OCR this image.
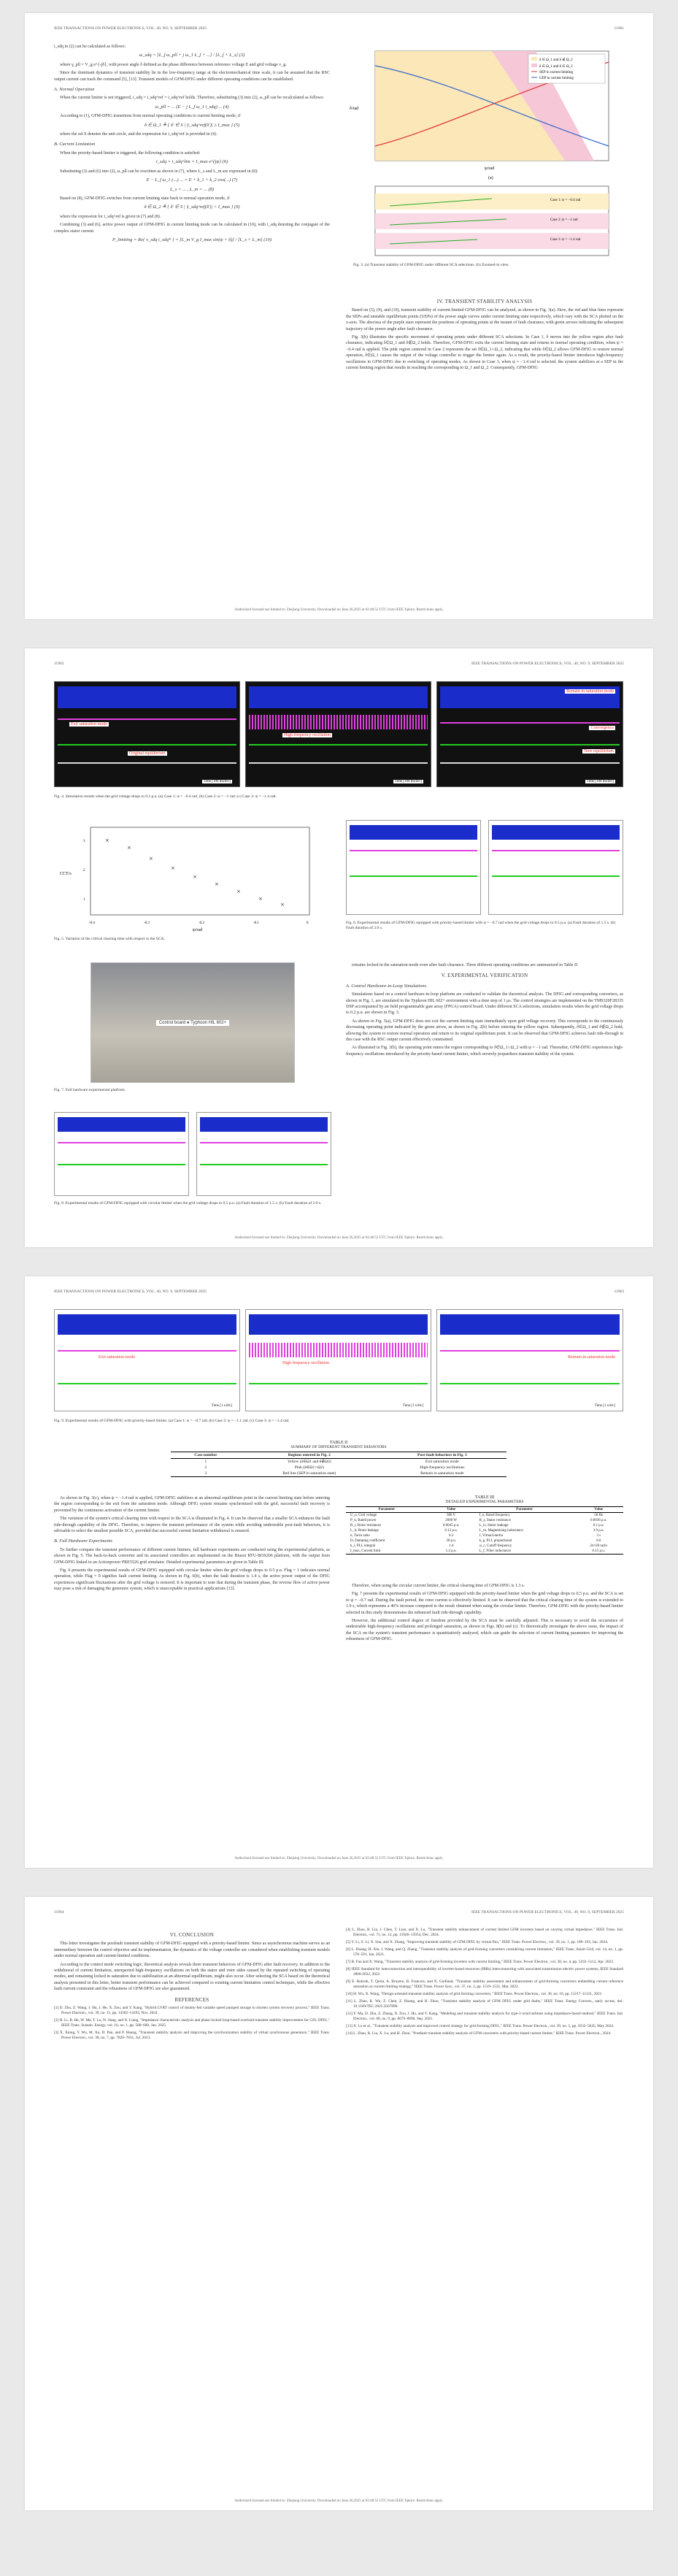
IEEE TRANSACTIONS ON POWER ELECTRONICS, VOL. 40, NO. 9, SEPTEMBER 2025	11961

i_sdq in (2) can be calculated as follows:

ω_sdq = [L_f ω_pll + j ω_1 L_f + ...] / [L_f + L_s] (3)

where γ_pll = V_g e^{-jδ}, with power angle δ defined as the phase difference between reference voltage E and grid voltage v_g.

Since the dominant dynamics of transient stability lie in the low-frequency range at the electromechanical time scale, it can be assumed that the RSC output current can track the command [5], [13]. Transient models of GFM-DFIG under different operating conditions can be established.

A. Normal Operation

When the current limiter is not triggered, i_sdq = i_sdq^ref = i_sdq^ref holds. Therefore, substituting (3) into (2), ω_pll can be recalculated as follows:

ω_pll = ... (E − j L_f ω_1 i_sdq) ... (4)

According to (1), GFM-DFIG transitions from normal operating conditions to current limiting mode, if

δ ∈ Ω_1 ≜ { δ' ∈ S | |i_sdq^ref(δ')| ≥ I_max } (5)

where the set S denotes the unit circle, and the expression for i_sdq^ref is provided in (4).

B. Current Limitation

When the priority-based limiter is triggered, the following condition is satisfied:

i_sdq = i_sdq^lim = I_max e^{jψ} (6)

Substituting (3) and (6) into (2), ω_pll can be rewritten as shown in (7), where L_s and L_m are expressed in (8):

E − L_f ω_1 (...) ... = E + k_1 + k_2 cos(...) (7)
L_s = ... , L_m = ... (8)

Based on (8), GFM-DFIG switches from current limiting state back to normal operation mode, if

δ ∈ Ω_2 ≜ { δ' ∈ S | |i_sdq^ref(δ')| < I_max } (9)

where the expression for i_sdq^ref is given in (7) and (8).

Combining (3) and (6), active power output of GFM-DFIG in current limiting mode can be calculated in (10), with i_sdq denoting the conjugate of the complex stator current.

P_limiting = Re{ v_sdq i_sdq* } = [L_m V_g I_max sin(ψ + δ)] / [L_s + L_m] (10)
δ ∈ Ω_1 and δ ∉ Ω_2
δ ∈ Ω_1 and δ ∈ Ω_2
SEP in current limiting
UEP in current limiting
δ/rad
ψ/rad
(a)
Case 1: ψ = −0.4 rad
Case 2: ψ = −1 rad
Case 3: ψ = −1.4 rad
Fig. 3. (a) Transient stability of GFM-DFIG under different SCA selections. (b) Zoomed-in view.
IV. TRANSIENT STABILITY ANALYSIS

Based on (5), (9), and (10), transient stability of current-limited GFM-DFIG can be analyzed, as shown in Fig. 3(a). Here, the red and blue lines represent the SEPs and unstable equilibrium points (UEPs) of the power angle curves under current limiting state respectively, which vary with the SCA plotted on the x-axis. The abscissa of the purple stars represent the positions of operating points at the instant of fault clearance, with green arrows indicating the subsequent trajectory of the power angle after fault clearance.

Fig. 3(b) illustrates the specific movement of operating points under different SCA selections. In Case 1, δ moves into the yellow region after fault clearance, indicating δ∈Ω_1 and δ∉Ω_2 holds. Therefore, GFM-DFIG exits the current limiting state and returns to normal operating condition, when ψ = −0.4 rad is applied. The pink region centered in Case 2 represents the set δ∈Ω_1∩Ω_2, indicating that while δ∈Ω_2 allows GFM-DFIG to restore normal operation, δ∈Ω_1 causes the output of the voltage controller to trigger the limiter again. As a result, the priority-based limiter introduces high-frequency oscillations in GFM-DFIG due to switching of operating modes. As shown in Case 3, when ψ = −1.4 rad is selected, the system stabilizes at a SEP in the current limiting region that results in reaching the corresponding to Ω_1 and Ω_2. Consequently, GFM-DFIG

Authorized licensed use limited to: Zhejiang University. Downloaded on June 26,2025 at 02:48:52 UTC from IEEE Xplore. Restrictions apply.
11962	IEEE TRANSACTIONS ON POWER ELECTRONICS, VOL. 40, NO. 9, SEPTEMBER 2025
Exit saturation mode
Original equilibrium
Time [100 ms/div]
High frequency oscillation
Time [100 ms/div]
Remain in saturation mode
Convergence
New equilibrium
Time [100 ms/div]
Fig. 4. Simulation results when the grid voltage drops to 0.2 p.u. (a) Case 1: ψ = −0.4 rad. (b) Case 2: ψ = −1 rad. (c) Case 3: ψ = −1.4 rad.
CCT/s
ψ/rad
-0.4	-0.3	-0.2	-0.1	0
3
2
1
×
×
×
×
×
×
×
×
×
Fig. 5. Variation of the critical clearing time with respect to the SCA.
Fig. 6. Experimental results of GFM-DFIG equipped with priority-based limiter with ψ = −0.7 rad when the grid voltage drops to 0.5 p.u. (a) Fault duration of 1.5 s. (b) Fault duration of 2.0 s.
Control board ● Typhoon HIL 602+
Fig. 7. Full hardware experimental platform.
Fig. 8. Experimental results of GFM-DFIG equipped with circular limiter when the grid voltage drops to 0.5 p.u. (a) Fault duration of 1.5 s. (b) Fault duration of 2.0 s.

remains locked in the saturation mode even after fault clearance. Three different operating conditions are summarized in Table II.

V. EXPERIMENTAL VERIFICATION
A. Control Hardware-in-Loop Simulations

Simulations based on a control hardware-in-loop platform are conducted to validate the theoretical analysis. The DFIG and corresponding converters, as shown in Fig. 1, are simulated in the Typhoon HIL 602+ environment with a time step of 1 μs. The control strategies are implemented on the TMS320F28335 DSP accompanied by an field programmable gate array (FPGA) control board. Under different SCA selections, simulation results when the grid voltage drops to 0.2 p.u. are shown in Fig. 3.

As shown in Fig. 3(a), GFM-DFIG does not exit the current limiting state immediately upon grid voltage recovery. This corresponds to the continuously decreasing operating point indicated by the green arrow, as shown in Fig. 2(b) before entering the yellow region. Subsequently, δ∈Ω_1 and δ∉Ω_2 hold, allowing the system to restore normal operation and return to its original equilibrium point. It can be observed that GFM-DFIG achieves fault ride-through in this case with the RSC output current effectively constrained.

As illustrated in Fig. 3(b), the operating point enters the region corresponding to δ∈Ω_1∩Ω_2 with ψ = −1 rad. Thereafter, GFM-DFIG experiences high-frequency oscillations introduced by the priority-based current limiter, which severely jeopardizes transient stability of the system.

Authorized licensed use limited to: Zhejiang University. Downloaded on June 26,2025 at 02:48:52 UTC from IEEE Xplore. Restrictions apply.
IEEE TRANSACTIONS ON POWER ELECTRONICS, VOL. 40, NO. 9, SEPTEMBER 2025	11963
Exit saturation mode
Time [1 s/div]
High frequency oscillation
Time [1 s/div]
Remain in saturation mode
Time [1 s/div]
Fig. 9. Experimental results of GFM-DFIG with priority-based limiter. (a) Case 1: ψ = −0.7 rad. (b) Case 2: ψ = −1.1 rad. (c) Case 3: ψ = −1.4 rad.
TABLE II
SUMMARY OF DIFFERENT TRANSIENT BEHAVIORS
Case number	Regions entered in Fig. 2	Post-fault behaviors in Fig. 3
1	Yellow (δ∈Ω1 and δ∉Ω2)	Exit saturation mode
2	Pink (δ∈Ω1∩Ω2)	High-frequency oscillations
3	Red line (SEP in saturation state)	Remain in saturation mode

As shown in Fig. 3(c), when ψ = −1.4 rad is applied, GFM-DFIG stabilizes at an abnormal equilibrium point in the current limiting state before entering the region corresponding to the exit from the saturation mode. Although DFIG system remains synchronized with the grid, successful fault recovery is prevented by the continuous activation of the current limiter.

The variation of the system's critical clearing time with respect to the SCA is illustrated in Fig. 4. It can be observed that a smaller SCA enhances the fault ride-through capability of the DFIG. Therefore, to improve the transient performance of the system while avoiding undesirable post-fault behaviors, it is advisable to select the smallest possible SCA, provided that successful current limitation withdrawal is ensured.

B. Full Hardware Experiments

To further compare the transient performance of different current limiters, full hardware experiments are conducted using the experimental platform, as shown in Fig. 5. The back-to-back converter and its associated controllers are implemented on the Biaozi RTU-BOS206 platform, with the output from GFM-DFIG linked to an Actionpower PRE5526 grid simulator. Detailed experimental parameters are given in Table III.

Fig. 6 presents the experimental results of GFM-DFIG equipped with circular limiter when the grid voltage drops to 0.5 p.u. Flag = 1 indicates normal operation, while Flag = 0 signifies fault current limiting. As shown in Fig. 6(b), when the fault duration is 1.4 s, the active power output of the DFIG experiences significant fluctuations after the grid voltage is restored. It is important to note that during the transient phase, the reverse flow of active power may pose a risk of damaging the generator system, which is unacceptable in practical applications [13].

TABLE III
DETAILED EXPERIMENTAL PARAMETERS
Parameter	Value	Parameter	Value
U_n, Grid voltage	380 V	f_n, Rated frequency	50 Hz
P_n, Rated power	2000 W	R_s, Stator resistance	0.0036 p.u.
R_r, Rotor resistance	0.0045 p.u.	L_ls, Stator leakage	0.1 p.u.
L_lr, Rotor leakage	0.12 p.u.	L_m, Magnetizing inductance	3.9 p.u.
n, Turns ratio	0.3	J, Virtual inertia	3 s
D, Damping coefficient	30 p.u.	k_p, PLL proportional	0.6
k_i, PLL integral	1.4	ω_c, Cutoff frequency	2π×20 rad/s
I_max, Current limit	1.2 p.u.	L_f, Filter inductance	0.15 p.u.

Therefore, when using the circular current limiter, the critical clearing time of GFM-DFIG is 1.3 s.

Fig. 7 presents the experimental results of GFM-DFIG equipped with the priority-based limiter when the grid voltage drops to 0.5 p.u. and the SCA is set to ψ = −0.7 rad. During the fault period, the rotor current is effectively limited. It can be observed that the critical clearing time of the system is extended to 1.9 s, which represents a 46% increase compared to the result obtained when using the circular limiter. Therefore, GFM-DFIG with the priority-based limiter selected in this study demonstrates the enhanced fault ride-through capability.

However, the additional control degree of freedom provided by the SCA must be carefully adjusted. This is necessary to avoid the occurrence of undesirable high-frequency oscillations and prolonged saturation, as shown in Figs. 8(b) and (c). To theoretically investigate the above issue, the impact of the SCA on the system's transient performance is quantitatively analyzed, which can guide the selection of current limiting parameters for improving the robustness of GFM-DFIG.

Authorized licensed use limited to: Zhejiang University. Downloaded on June 26,2025 at 02:48:52 UTC from IEEE Xplore. Restrictions apply.
11964	IEEE TRANSACTIONS ON POWER ELECTRONICS, VOL. 40, NO. 9, SEPTEMBER 2025
VI. CONCLUSION

This letter investigates the postfault transient stability of GFM-DFIG equipped with a priority-based limiter. Since as asynchronous machine serves as an intermediary between the control objective and its implementation, the dynamics of the voltage controller are considered when establishing transient models under normal operation and current-limited conditions.

According to the control mode switching logic, theoretical analysis reveals three transient behaviors of GFM-DFIG after fault recovery. In addition to the withdrawal of current limitation, unexpected high-frequency oscillations on both the stator and rotor sides caused by the repeated switching of operating modes, and remaining locked in saturation due to stabilization at an abnormal equilibrium, might also occur. After selecting the SCA based on the theoretical analysis presented in this letter, better transient performance can be achieved compared to existing current limitation control techniques, while the effective fault current constraint and the robustness of GFM-DFIG are also guaranteed.

REFERENCES
[1] D. Zhu, Z. Wang, J. Hu, J. He, X. Zou, and Y. Kang, "Hybrid LVRT control of doubly-fed variable speed pumped storage to shorten system recovery process," IEEE Trans. Power Electron., vol. 39, no. 11, pp. 14182–14193, Nov. 2024.
[2] H. Li, B. He, W. Ma, T. Lu, N. Jiang, and X. Liang, "Impedance characteristic analysis and phase-locked loop-based overload transient stability improvement for GFL-DFIG," IEEE Trans. Sustain. Energy, vol. 16, no. 1, pp. 588–600, Jan. 2025.
[3] X. Xiong, Y. Wu, M. Xu, D. Pan, and P. Huang, "Transient stability analysis and improving the synchronization stability of virtual synchronous generators," IEEE Trans. Power Electron., vol. 38, no. 7, pp. 7820–7831, Jul. 2023.
[4] L. Zhao, R. Liu, J. Chen, T. Liao, and X. Lu, "Transient stability enhancement of current limited GFM inverters based on varying virtual impedance," IEEE Trans. Ind. Electron., vol. 71, no. 12, pp. 15946–15954, Dec. 2024.
[5] Y. Li, Z. Li, X. Sun, and X. Zhang, "Improving transient stability of GFM DFIG by virtual flux," IEEE Trans. Power Electron., vol. 39, no. 1, pp. 180–193, Jan. 2024.
[6] L. Huang, H. Xin, J. Wang, and Q. Zhang, "Transient stability analysis of grid-forming converters considering current limitation," IEEE Trans. Smart Grid, vol. 14, no. 1, pp. 578–591, Jan. 2023.
[7] B. Fan and X. Wang, "Transient stability analysis of grid-forming inverters with current limiting," IEEE Trans. Power Electron., vol. 38, no. 4, pp. 5102–5112, Apr. 2023.
[8] IEEE Standard for interconnection and interoperability of inverter-based resources (IBRs) interconnecting with associated transmission electric power systems, IEEE Standard 2800-2022, 2022.
[9] E. Rokrok, T. Qoria, A. Bruyere, B. Francois, and X. Guillaud, "Transient stability assessment and enhancement of grid-forming converters embedding current reference saturation as current limiting strategy," IEEE Trans. Power Syst., vol. 37, no. 2, pp. 1519–1531, Mar. 2022.
[10] H. Wu, X. Wang, "Design-oriented transient stability analysis of grid-forming converters," IEEE Trans. Power Electron., vol. 36, no. 10, pp. 11217–11231, 2021.
[11] L. Zhao, K. Wu, Z. Chen, Z. Huang, and H. Zhou, "Transient stability analysis of GFM DFIG under grid faults," IEEE Trans. Energy Convers., early access, doi: 10.1109/TEC.2025.3567890.
[12] Y. Ma, D. Zhu, Z. Zhang, X. Zou, J. Hu, and Y. Kang, "Modeling and transient stability analysis for type-3 wind turbines using impedance-based method," IEEE Trans. Ind. Electron., vol. 68, no. 9, pp. 8679–8690, Sep. 2021.
[13] X. Lu et al., "Transient stability analysis and improved control strategy for grid-forming DFIG," IEEE Trans. Power Electron., vol. 39, no. 5, pp. 5632–5645, May 2024.
[14] L. Zhao, R. Liu, X. Lu, and H. Zhou, "Postfault transient stability analysis of GFM converters with priority-based current limiter," IEEE Trans. Power Electron., 2024.
Authorized licensed use limited to: Zhejiang University. Downloaded on June 26,2025 at 02:48:52 UTC from IEEE Xplore. Restrictions apply.
